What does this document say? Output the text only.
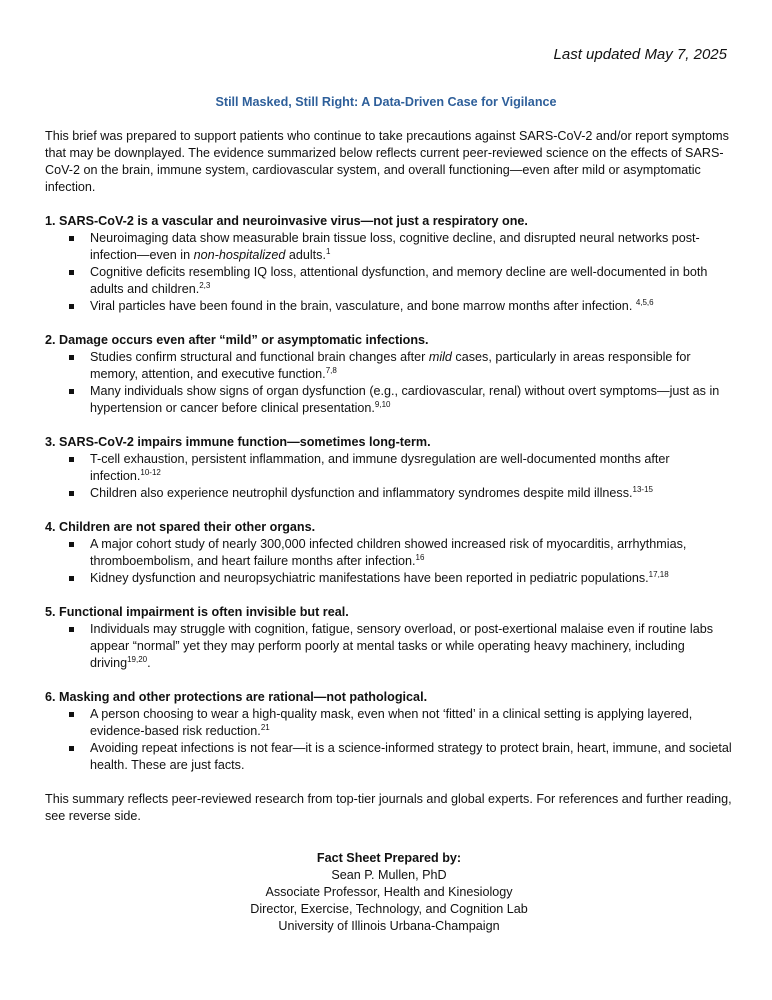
Last updated May 7, 2025
Still Masked, Still Right: A Data-Driven Case for Vigilance

This brief was prepared to support patients who continue to take precautions against SARS-CoV-2 and/or report symptoms that may be downplayed. The evidence summarized below reflects current peer-reviewed science on the effects of SARS-CoV-2 on the brain, immune system, cardiovascular system, and overall functioning—even after mild or asymptomatic infection.

1. SARS-CoV-2 is a vascular and neuroinvasive virus—not just a respiratory one.
Neuroimaging data show measurable brain tissue loss, cognitive decline, and disrupted neural networks post-infection—even in non-hospitalized adults.$^1$
Cognitive deficits resembling IQ loss, attentional dysfunction, and memory decline are well-documented in both adults and children.$^{2,3}$
Viral particles have been found in the brain, vasculature, and bone marrow months after infection. $^{4,5,6}$
2. Damage occurs even after “mild” or asymptomatic infections.
Studies confirm structural and functional brain changes after mild cases, particularly in areas responsible for memory, attention, and executive function.$^{7,8}$
Many individuals show signs of organ dysfunction (e.g., cardiovascular, renal) without overt symptoms—just as in hypertension or cancer before clinical presentation.$^{9,10}$
3. SARS-CoV-2 impairs immune function—sometimes long-term.
T-cell exhaustion, persistent inflammation, and immune dysregulation are well-documented months after infection.$^{10-12}$
Children also experience neutrophil dysfunction and inflammatory syndromes despite mild illness.$^{13-15}$
4. Children are not spared their other organs.
A major cohort study of nearly 300,000 infected children showed increased risk of myocarditis, arrhythmias, thromboembolism, and heart failure months after infection.$^{16}$
Kidney dysfunction and neuropsychiatric manifestations have been reported in pediatric populations.$^{17,18}$
5. Functional impairment is often invisible but real.
Individuals may struggle with cognition, fatigue, sensory overload, or post-exertional malaise even if routine labs appear “normal” yet they may perform poorly at mental tasks or while operating heavy machinery, including driving$^{19,20}$.
6. Masking and other protections are rational—not pathological.
A person choosing to wear a high-quality mask, even when not ‘fitted’ in a clinical setting is applying layered, evidence-based risk reduction.$^{21}$
Avoiding repeat infections is not fear—it is a science-informed strategy to protect brain, heart, immune, and societal health. These are just facts.

This summary reflects peer-reviewed research from top-tier journals and global experts. For references and further reading, see reverse side.

Fact Sheet Prepared by:
Sean P. Mullen, PhD
Associate Professor, Health and Kinesiology
Director, Exercise, Technology, and Cognition Lab
University of Illinois Urbana-Champaign
